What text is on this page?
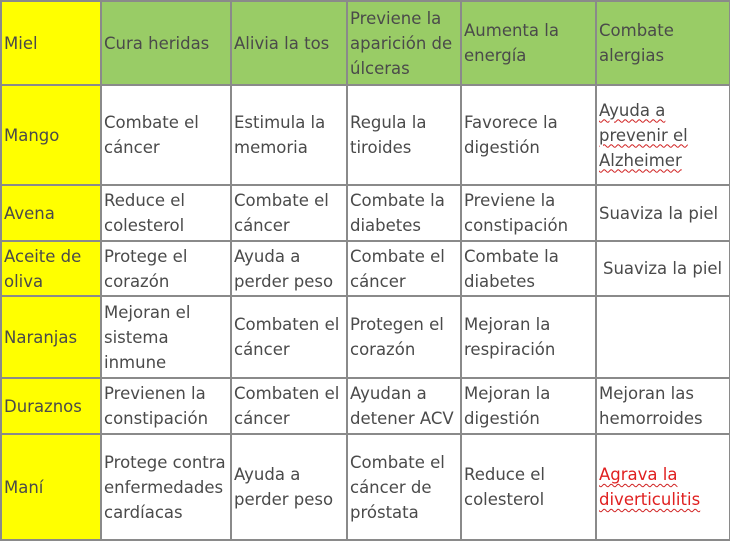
Miel	Cura heridas	Alivia la tos	Previene la aparición de úlceras	Aumenta la energía	Combate alergias
Mango	Combate el cáncer	Estimula la memoria	Regula la tiroides	Favorece la digestión	Ayuda a prevenir el Alzheimer
Avena	Reduce el colesterol	Combate el cáncer	Combate la diabetes	Previene la constipación	Suaviza la piel
Aceite de oliva	Protege el corazón	Ayuda a perder peso	Combate el cáncer	Combate la diabetes	Suaviza la piel
Naranjas	Mejoran el sistema inmune	Combaten el cáncer	Protegen el corazón	Mejoran la respiración	
Duraznos	Previenen la constipación	Combaten el cáncer	Ayudan a detener ACV	Mejoran la digestión	Mejoran las hemorroides
Maní	Protege contra enfermedades cardíacas	Ayuda a perder peso	Combate el cáncer de próstata	Reduce el colesterol	Agrava la diverticulitis
